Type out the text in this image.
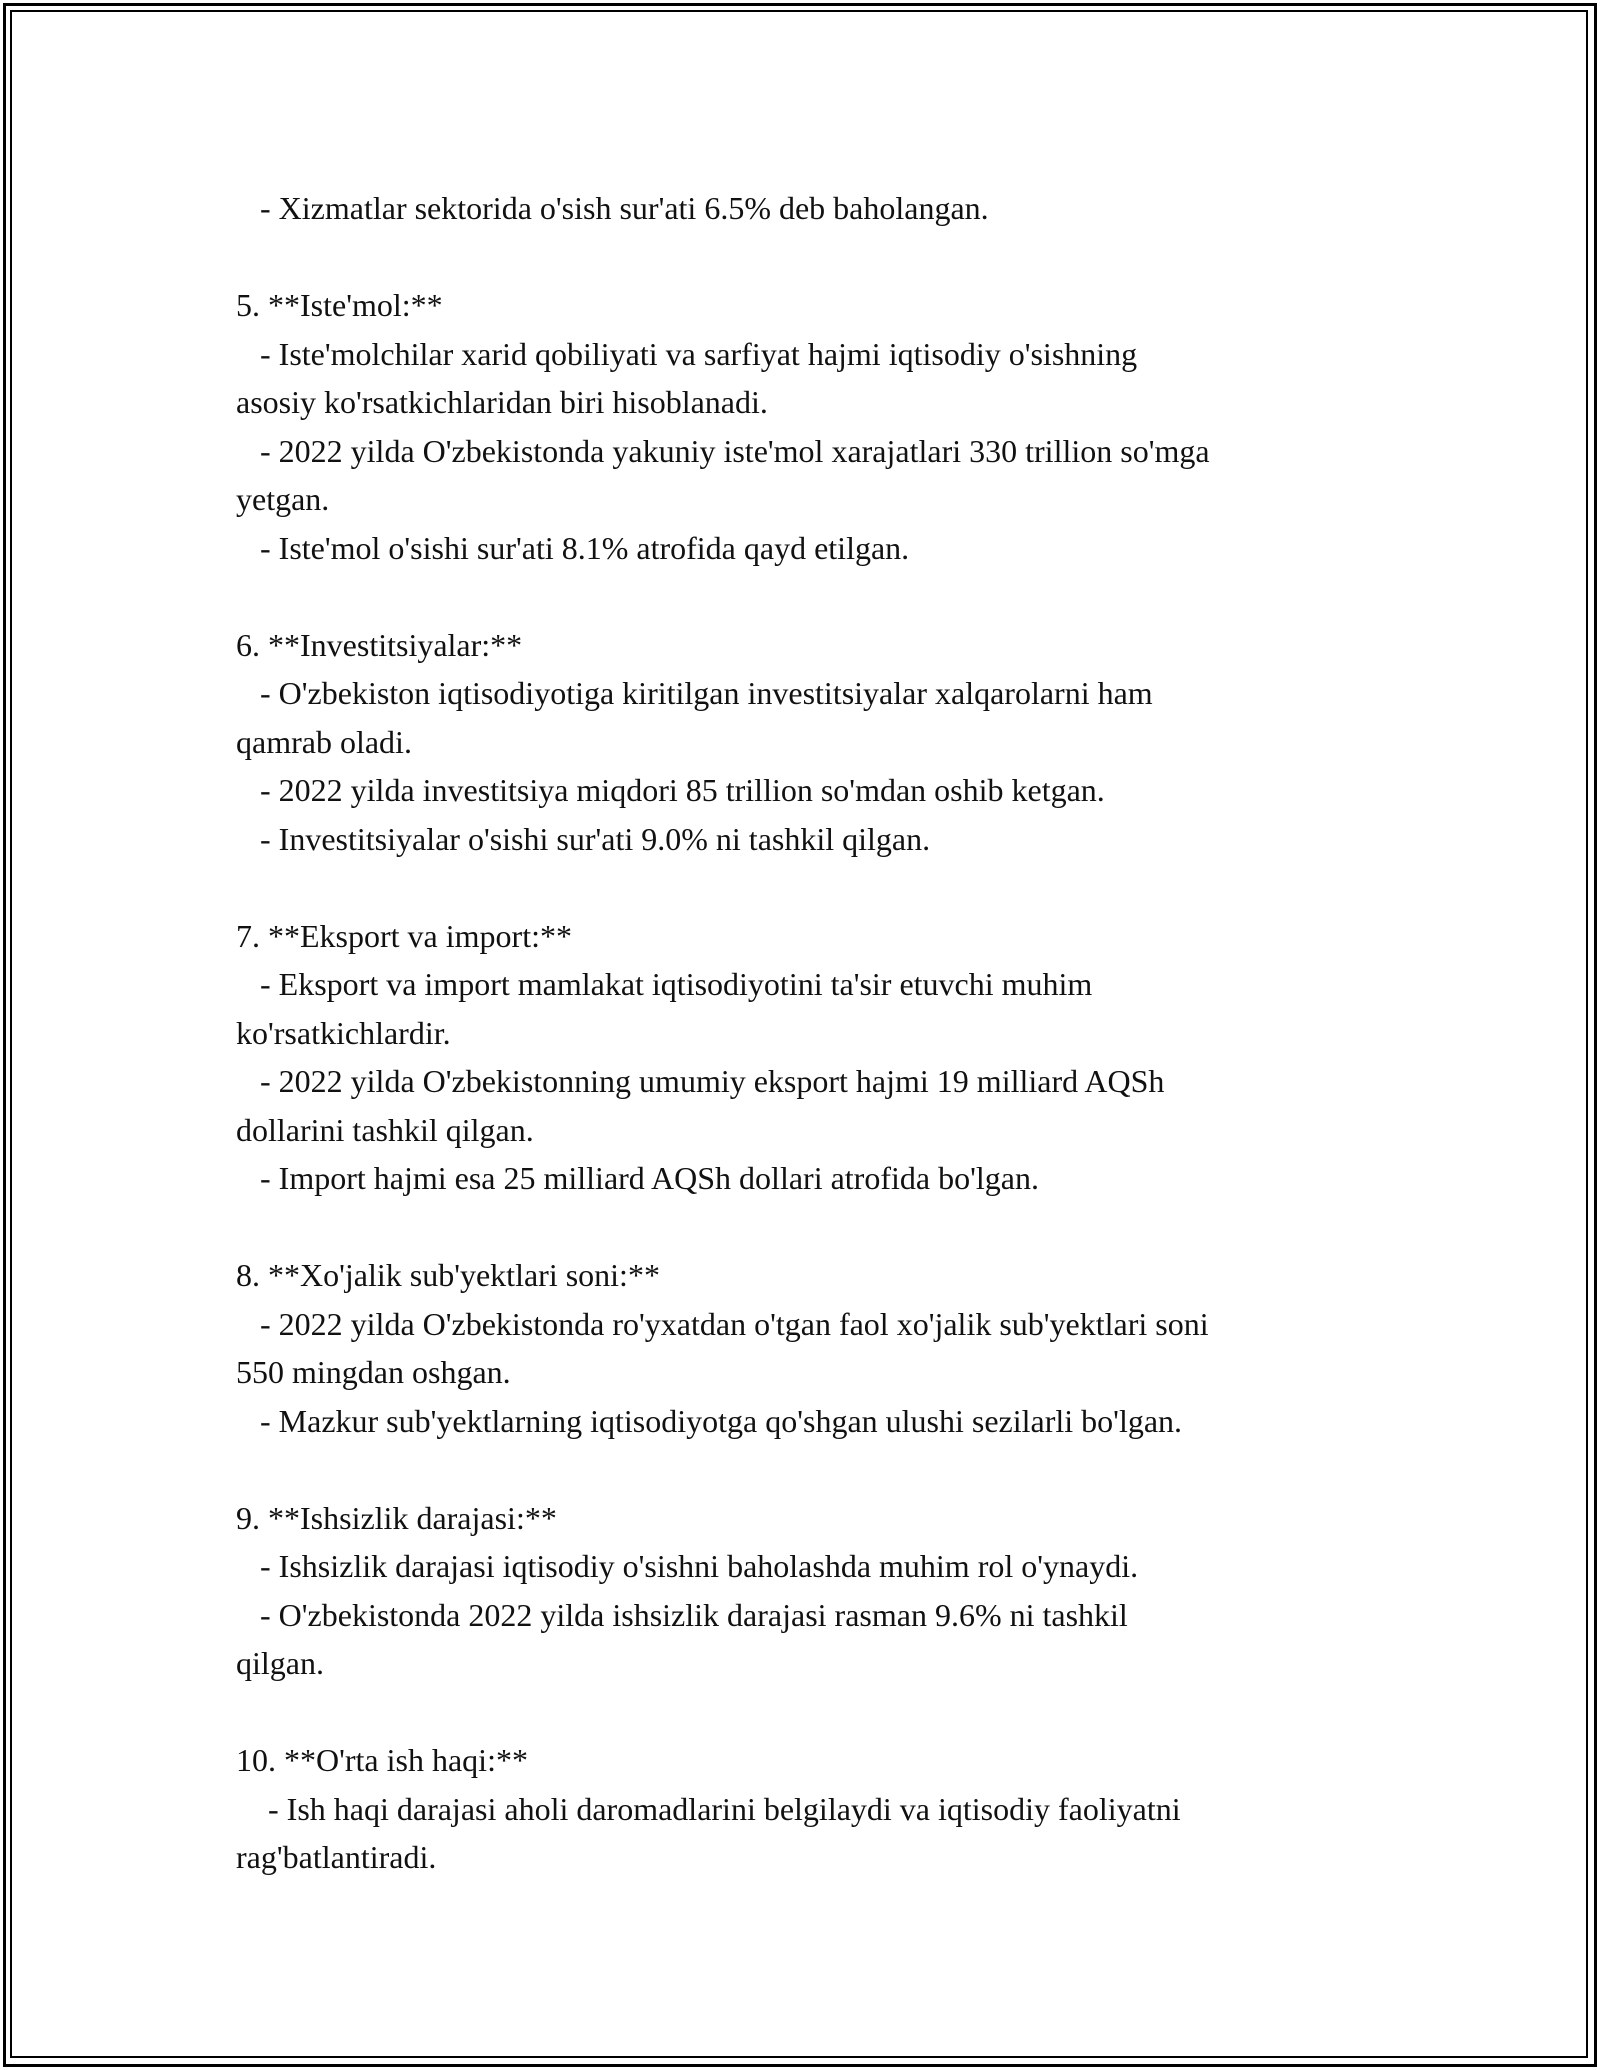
- Xizmatlar sektorida o'sish sur'ati 6.5% deb baholangan.
5. **Iste'mol:**
- Iste'molchilar xarid qobiliyati va sarfiyat hajmi iqtisodiy o'sishning
asosiy ko'rsatkichlaridan biri hisoblanadi.
- 2022 yilda O'zbekistonda yakuniy iste'mol xarajatlari 330 trillion so'mga
yetgan.
- Iste'mol o'sishi sur'ati 8.1% atrofida qayd etilgan.
6. **Investitsiyalar:**
- O'zbekiston iqtisodiyotiga kiritilgan investitsiyalar xalqarolarni ham
qamrab oladi.
- 2022 yilda investitsiya miqdori 85 trillion so'mdan oshib ketgan.
- Investitsiyalar o'sishi sur'ati 9.0% ni tashkil qilgan.
7. **Eksport va import:**
- Eksport va import mamlakat iqtisodiyotini ta'sir etuvchi muhim
ko'rsatkichlardir.
- 2022 yilda O'zbekistonning umumiy eksport hajmi 19 milliard AQSh
dollarini tashkil qilgan.
- Import hajmi esa 25 milliard AQSh dollari atrofida bo'lgan.
8. **Xo'jalik sub'yektlari soni:**
- 2022 yilda O'zbekistonda ro'yxatdan o'tgan faol xo'jalik sub'yektlari soni
550 mingdan oshgan.
- Mazkur sub'yektlarning iqtisodiyotga qo'shgan ulushi sezilarli bo'lgan.
9. **Ishsizlik darajasi:**
- Ishsizlik darajasi iqtisodiy o'sishni baholashda muhim rol o'ynaydi.
- O'zbekistonda 2022 yilda ishsizlik darajasi rasman 9.6% ni tashkil
qilgan.
10. **O'rta ish haqi:**
- Ish haqi darajasi aholi daromadlarini belgilaydi va iqtisodiy faoliyatni
rag'batlantiradi.
